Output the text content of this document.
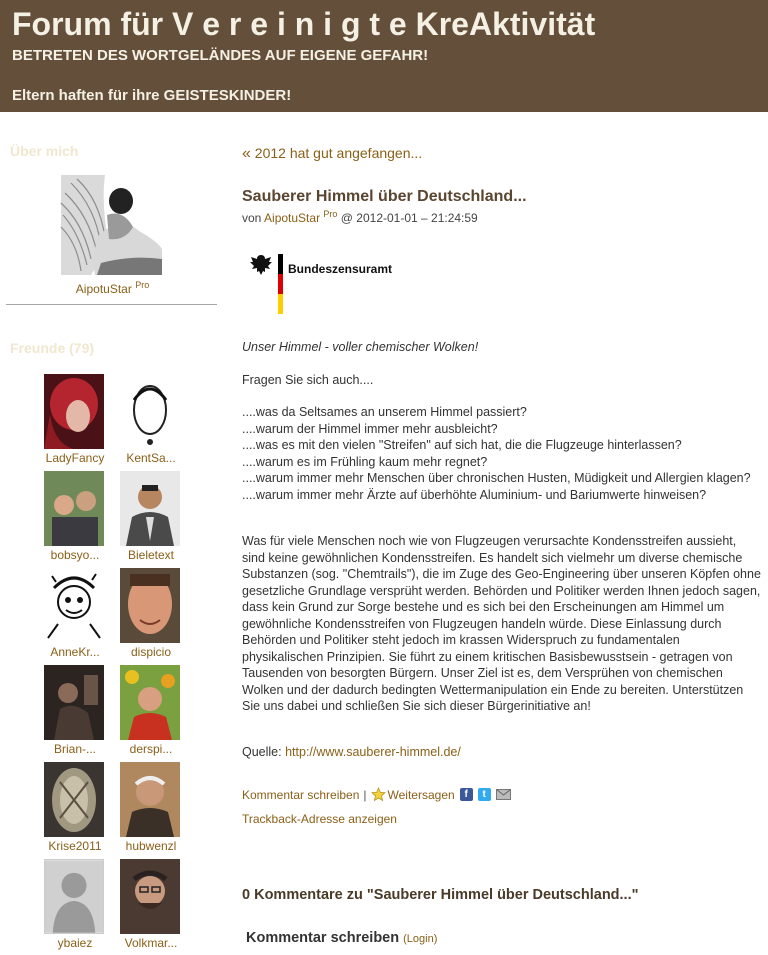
Forum für V e r e i n i g t e KreAktivität
BETRETEN DES WORTGELÄNDES AUF EIGENE GEFAHR!
Eltern haften für ihre GEISTESKINDER!
Über mich
AipotuStar $^{Pro}$
Freunde (79)
LadyFancy	KentSa...
bobsyo...	Bieletext
AnneKr...	dispicio
Brian-...	derspi...
Krise2011	hubwenzl
ybaiez	Volkmar...
« 2012 hat gut angefangen...
Sauberer Himmel über Deutschland...
von AipotuStar $^{Pro}$ @ 2012-01-01 – 21:24:59
Bundeszensuramt
Unser Himmel - voller chemischer Wolken!
Fragen Sie sich auch....
....was da Seltsames an unserem Himmel passiert?
....warum der Himmel immer mehr ausbleicht?
....was es mit den vielen "Streifen" auf sich hat, die die Flugzeuge hinterlassen?
....warum es im Frühling kaum mehr regnet?
....warum immer mehr Menschen über chronischen Husten, Müdigkeit und Allergien klagen?
....warum immer mehr Ärzte auf überhöhte Aluminium- und Bariumwerte hinweisen?
Was für viele Menschen noch wie von Flugzeugen verursachte Kondensstreifen aussieht, sind keine gewöhnlichen Kondensstreifen. Es handelt sich vielmehr um diverse chemische Substanzen (sog. "Chemtrails"), die im Zuge des Geo-Engineering über unseren Köpfen ohne gesetzliche Grundlage versprüht werden. Behörden und Politiker werden Ihnen jedoch sagen, dass kein Grund zur Sorge bestehe und es sich bei den Erscheinungen am Himmel um gewöhnliche Kondensstreifen von Flugzeugen handeln würde. Diese Einlassung durch Behörden und Politiker steht jedoch im krassen Widerspruch zu fundamentalen physikalischen Prinzipien. Sie führt zu einem kritischen Basisbewusstsein - getragen von Tausenden von besorgten Bürgern. Unser Ziel ist es, dem Versprühen von chemischen Wolken und der dadurch bedingten Wettermanipulation ein Ende zu bereiten. Unterstützen Sie uns dabei und schließen Sie sich dieser Bürgerinitiative an!
Quelle: http://www.sauberer-himmel.de/
Kommentar schreiben | Weitersagen f	t
Trackback-Adresse anzeigen
0 Kommentare zu "Sauberer Himmel über Deutschland..."
Kommentar schreiben (Login)
